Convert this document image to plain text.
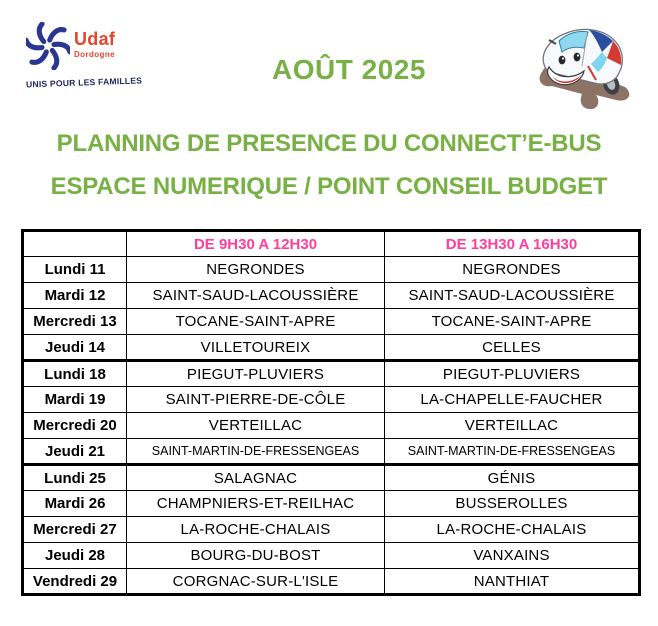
Udaf
Dordogne
UNIS POUR LES FAMILLES	AOÛT 2025
PLANNING DE PRESENCE DU CONNECT’E-BUS
ESPACE NUMERIQUE / POINT CONSEIL BUDGET
	DE 9H30 A 12H30	DE 13H30 A 16H30
Lundi 11	NEGRONDES	NEGRONDES
Mardi 12	SAINT-SAUD-LACOUSSIÈRE	SAINT-SAUD-LACOUSSIÈRE
Mercredi 13	TOCANE-SAINT-APRE	TOCANE-SAINT-APRE
Jeudi 14	VILLETOUREIX	CELLES
Lundi 18	PIEGUT-PLUVIERS	PIEGUT-PLUVIERS
Mardi 19	SAINT-PIERRE-DE-CÔLE	LA-CHAPELLE-FAUCHER
Mercredi 20	VERTEILLAC	VERTEILLAC
Jeudi 21	SAINT-MARTIN-DE-FRESSENGEAS	SAINT-MARTIN-DE-FRESSENGEAS
Lundi 25	SALAGNAC	GÉNIS
Mardi 26	CHAMPNIERS-ET-REILHAC	BUSSEROLLES
Mercredi 27	LA-ROCHE-CHALAIS	LA-ROCHE-CHALAIS
Jeudi 28	BOURG-DU-BOST	VANXAINS
Vendredi 29	CORGNAC-SUR-L'ISLE	NANTHIAT
